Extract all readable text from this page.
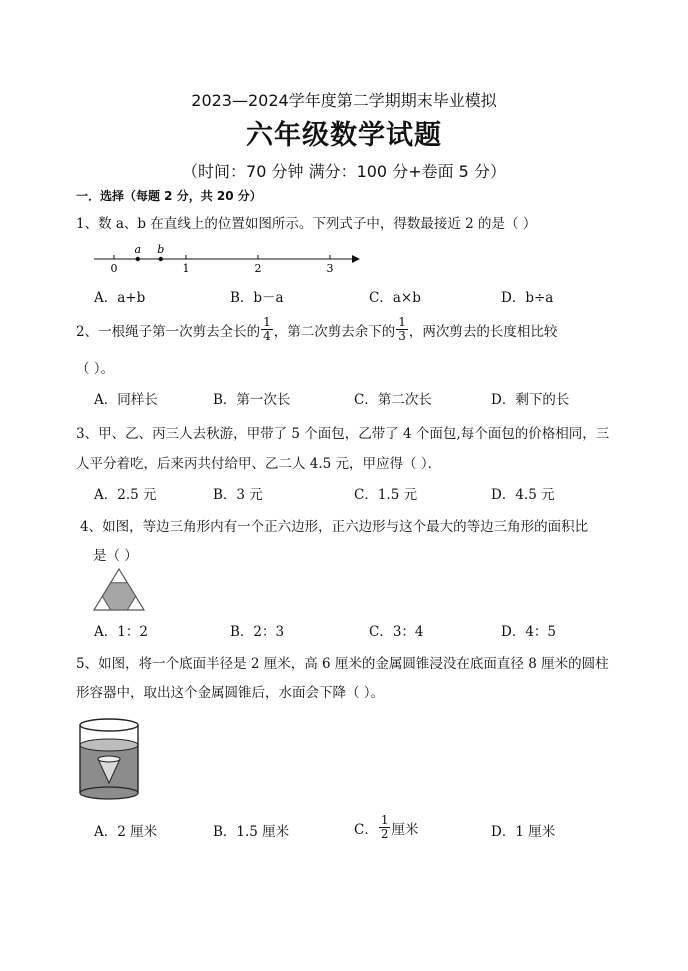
2023—2024学年度第二学期期末毕业模拟
六年级数学试题
（时间：70 分钟 满分：100 分+卷面 5 分）
一．选择（每题 2 分，共 20 分）
1、数 a、b 在直线上的位置如图所示。下列式子中，得数最接近 2 的是（ ）
0	1	2	3
a b
A．a+b	B．b－a	C．a×b	D．b÷a
2、一根绳子第一次剪去全长的 $\frac{1}{4}$ ，第二次剪去余下的 $\frac{1}{3}$ ，两次剪去的长度相比较
（ ）。
A．同样长	B．第一次长	C．第二次长	D．剩下的长
3、甲、乙、丙三人去秋游，甲带了 5 个面包，乙带了 4 个面包,每个面包的价格相同，三
人平分着吃，后来丙共付给甲、乙二人 4.5 元，甲应得（ ）．
A．2.5 元	B．3 元	C．1.5 元	D．4.5 元
4、如图，等边三角形内有一个正六边形，正六边形与这个最大的等边三角形的面积比
是（ ）
A．1：2	B．2：3	C．3：4	D．4：5
5、如图，将一个底面半径是 2 厘米，高 6 厘米的金属圆锥浸没在底面直径 8 厘米的圆柱
形容器中，取出这个金属圆锥后，水面会下降（ ）。
A．2 厘米	B．1.5 厘米	C． $\frac{1}{2}$ 厘米	D．1 厘米
